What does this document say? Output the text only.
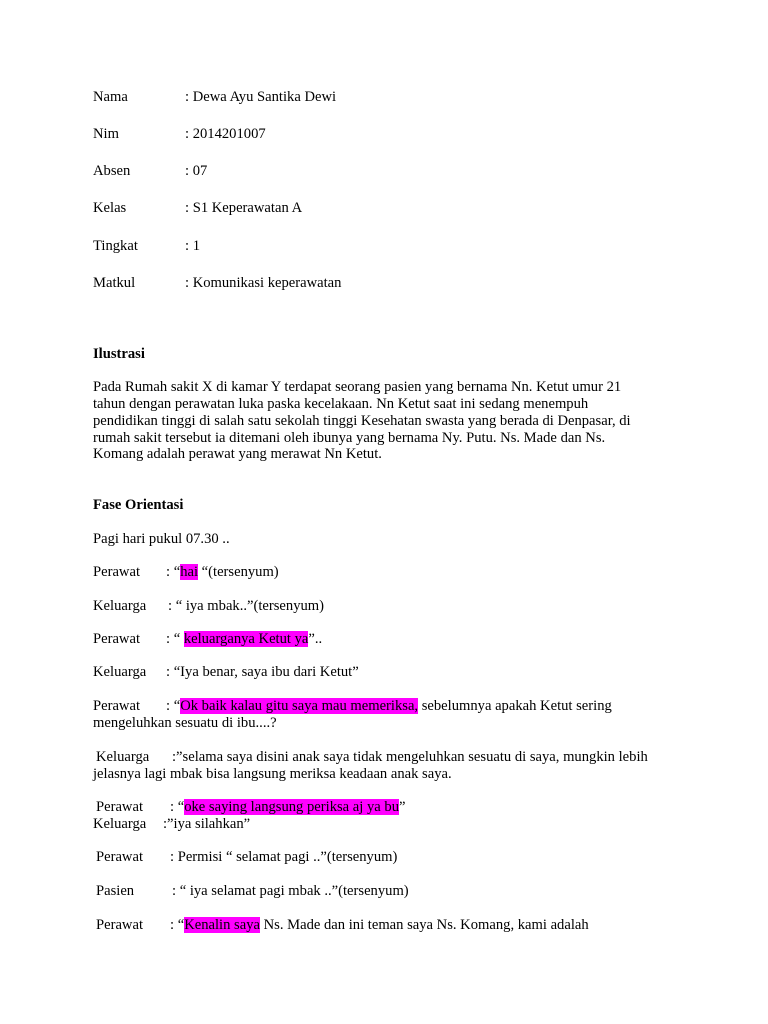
Nama	: Dewa Ayu Santika Dewi
Nim	: 2014201007
Absen	: 07
Kelas	: S1 Keperawatan A
Tingkat	: 1
Matkul	: Komunikasi keperawatan
Ilustrasi
Pada Rumah sakit X di kamar Y terdapat seorang pasien yang bernama Nn. Ketut umur 21
tahun dengan perawatan luka paska kecelakaan. Nn Ketut saat ini sedang menempuh
pendidikan tinggi di salah satu sekolah tinggi Kesehatan swasta yang berada di Denpasar, di
rumah sakit tersebut ia ditemani oleh ibunya yang bernama Ny. Putu. Ns. Made dan Ns.
Komang adalah perawat yang merawat Nn Ketut.
Fase Orientasi
Pagi hari pukul 07.30 ..
Perawat : “hai “(tersenyum)
Keluarga : “ iya mbak..”(tersenyum)
Perawat : “ keluarganya Ketut ya”..
Keluarga : “Iya benar, saya ibu dari Ketut”
Perawat : “Ok baik kalau gitu saya mau memeriksa, sebelumnya apakah Ketut sering
mengeluhkan sesuatu di ibu....?
Keluarga :”selama saya disini anak saya tidak mengeluhkan sesuatu di saya, mungkin lebih
jelasnya lagi mbak bisa langsung meriksa keadaan anak saya.
Perawat : “oke saying langsung periksa aj ya bu”
Keluarga :”iya silahkan”
Perawat : Permisi “ selamat pagi ..”(tersenyum)
Pasien	: “ iya selamat pagi mbak ..”(tersenyum)
Perawat : “Kenalin saya Ns. Made dan ini teman saya Ns. Komang, kami adalah
